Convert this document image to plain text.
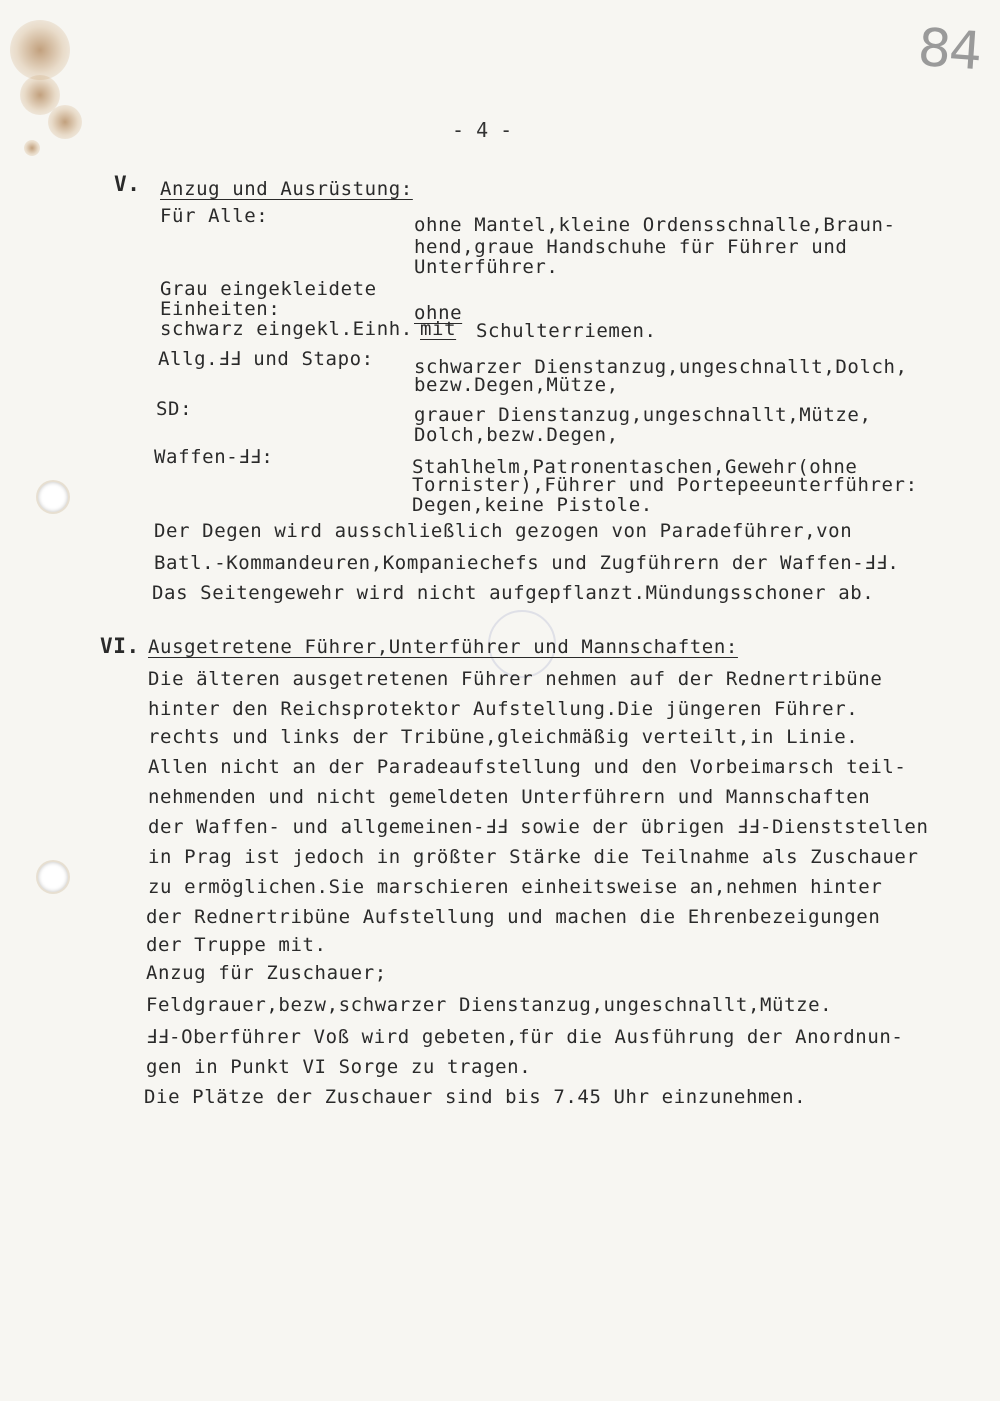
84
- 4 -
V. Anzug und Ausrüstung:
Für Alle:	ohne Mantel,kleine Ordensschnalle,Braun-
hend,graue Handschuhe für Führer und
Unterführer.
Grau eingekleidete
Einheiten:	ohne
schwarz eingekl.Einh. mit Schulterriemen.
Allg.ℲℲ und Stapo: schwarzer Dienstanzug,ungeschnallt,Dolch,
bezw.Degen,Mütze,
SD:	grauer Dienstanzug,ungeschnallt,Mütze,
Dolch,bezw.Degen,
Waffen-ℲℲ:	Stahlhelm,Patronentaschen,Gewehr(ohne
Tornister),Führer und Portepeeunterführer:
Degen,keine Pistole.
Der Degen wird ausschließlich gezogen von Paradeführer,von
Batl.-Kommandeuren,Kompaniechefs und Zugführern der Waffen-ℲℲ.
Das Seitengewehr wird nicht aufgepflanzt.Mündungsschoner ab.
VI. Ausgetretene Führer,Unterführer und Mannschaften:
Die älteren ausgetretenen Führer nehmen auf der Rednertribüne
hinter den Reichsprotektor Aufstellung.Die jüngeren Führer.
rechts und links der Tribüne,gleichmäßig verteilt,in Linie.
Allen nicht an der Paradeaufstellung und den Vorbeimarsch teil-
nehmenden und nicht gemeldeten Unterführern und Mannschaften
der Waffen- und allgemeinen-ℲℲ sowie der übrigen ℲℲ-Dienststellen
in Prag ist jedoch in größter Stärke die Teilnahme als Zuschauer
zu ermöglichen.Sie marschieren einheitsweise an,nehmen hinter
der Rednertribüne Aufstellung und machen die Ehrenbezeigungen
der Truppe mit.
Anzug für Zuschauer;
Feldgrauer,bezw,schwarzer Dienstanzug,ungeschnallt,Mütze.
ℲℲ-Oberführer Voß wird gebeten,für die Ausführung der Anordnun-
gen in Punkt VI Sorge zu tragen.
Die Plätze der Zuschauer sind bis 7.45 Uhr einzunehmen.
